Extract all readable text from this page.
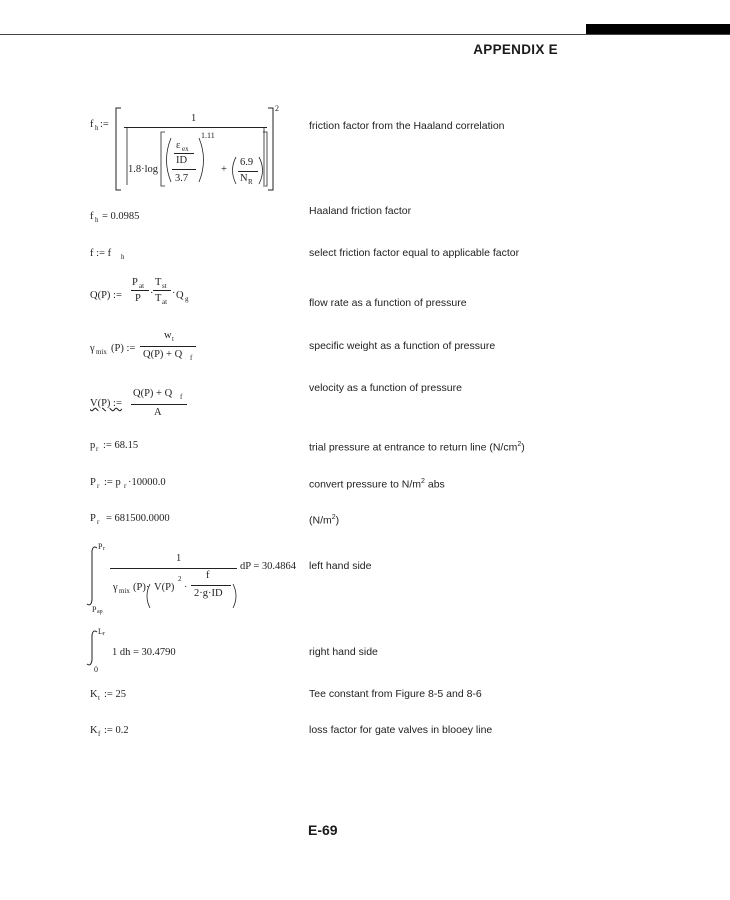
APPENDIX E
friction factor from the Haaland correlation
Haaland friction factor
select friction factor equal to applicable factor
flow rate as a function of pressure
specific weight as a function of pressure
velocity as a function of pressure
trial pressure at entrance to return line $(N/cm^2)$
convert pressure to $N/m^2$ abs
$(N/m^2)$
left hand side
right hand side
Tee constant from Figure 8-5 and 8-6
loss factor for gate valves in blooey line
f h :=
1
2
1.11
ε ex
ID
3.7
1.8·log	+
6.9
N R
f h = 0.0985
f := f h
Q(P) :=
P at
P ·
T st
T at
· Q g
γ mix (P) :=
w t
Q(P) + Q f
V(P) :=
Q(P) + Q f
A
p r := 68.15
P r := p r ·10000.0
P r = 681500.0000
P r
P ap
1
γ mix (P)· V(P)
2
·
f
2·g·ID
dP = 30.4864
L r
0
1 dh = 30.4790
K t := 25
K f := 0.2
E-69
